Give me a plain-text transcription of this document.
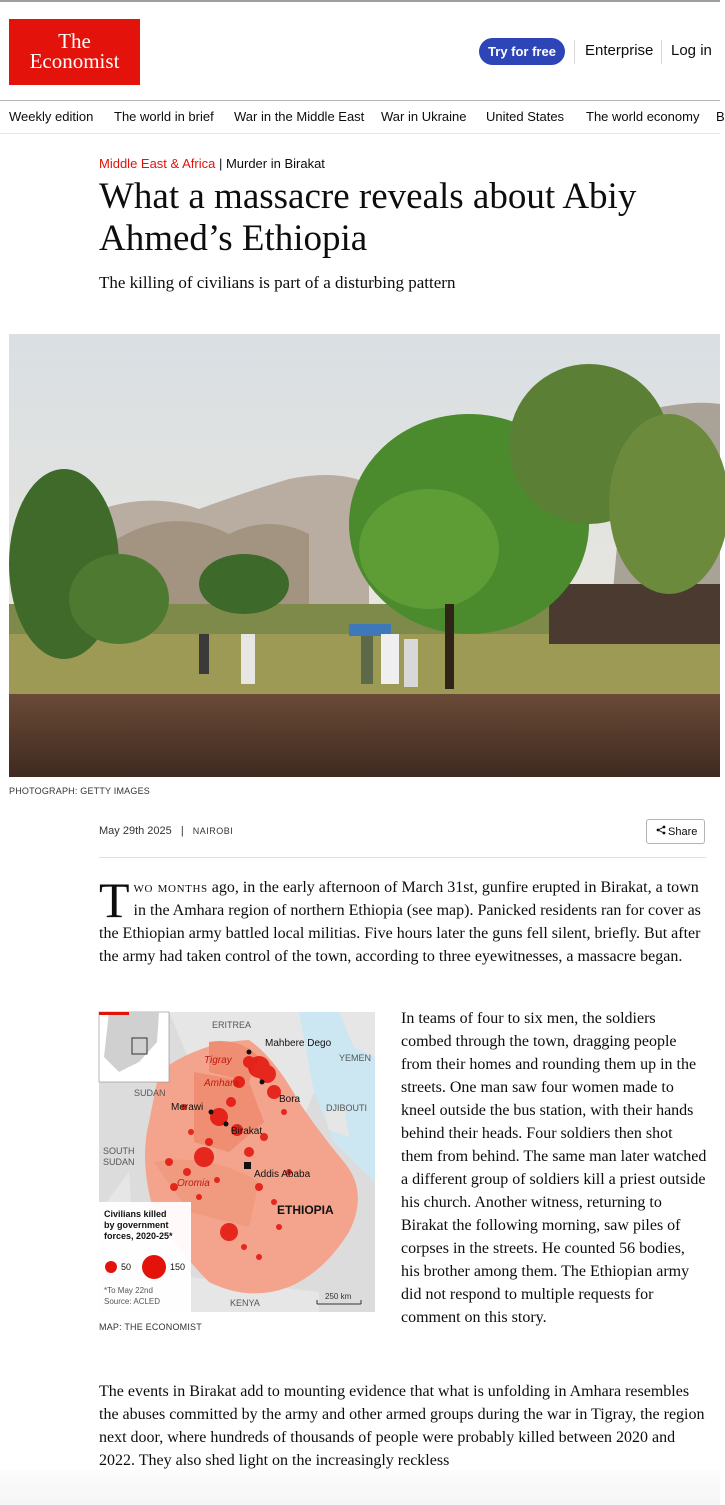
The
Economist	Try for free	Enterprise Log in
Weekly edition The world in brief War in the Middle East War in Ukraine United States The world economy B
Middle East & Africa | Murder in Birakat
What a massacre reveals about Abiy Ahmed’s Ethiopia

The killing of civilians is part of a disturbing pattern

PHOTOGRAPH: GETTY IMAGES
May 29th 2025 | NAIROBI	Share

Two months ago, in the early afternoon of March 31st, gunfire erupted in Birakat, a town in the Amhara region of northern Ethiopia (see map). Panicked residents ran for cover as the Ethiopian army battled local militias. Five hours later the guns fell silent, briefly. But after the army had taken control of the town, according to three eyewitnesses, a massacre began.

ERITREA
Mahbere Dego
YEMEN
Tigray
Amhara
SUDAN
Bora
Merawi	DJIBOUTI
Birakat
SOUTH
SUDAN
Addis Ababa
Oromia
ETHIOPIA
KENYA
250 km
Civilians killed
by government
forces, 2020-25*
50	150
*To May 22nd
Source: ACLED
MAP: THE ECONOMIST

In teams of four to six men, the soldiers combed through the town, dragging people from their homes and rounding them up in the streets. One man saw four women made to kneel outside the bus station, with their hands behind their heads. Four soldiers then shot them from behind. The same man later watched a different group of soldiers kill a priest outside his church. Another witness, returning to Birakat the following morning, saw piles of corpses in the streets. He counted 56 bodies, his brother among them. The Ethiopian army did not respond to multiple requests for comment on this story.

The events in Birakat add to mounting evidence that what is unfolding in Amhara resembles the abuses committed by the army and other armed groups during the war in Tigray, the region next door, where hundreds of thousands of people were probably killed between 2020 and 2022. They also shed light on the increasingly reckless
